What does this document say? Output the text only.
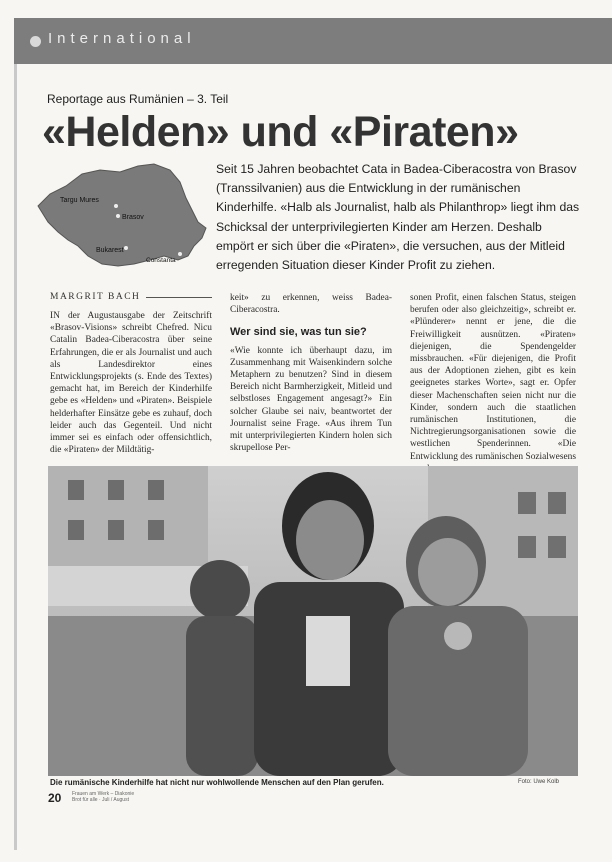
International
Reportage aus Rumänien – 3. Teil
«Helden» und «Piraten»
Targu Mures
Brasov
Bukarest
Constanta
Seit 15 Jahren beobachtet Cata in Badea-Ciberacostra von Brasov (Transsilvanien) aus die Entwicklung in der rumänischen Kinderhilfe. «Halb als Journalist, halb als Philanthrop» liegt ihm das Schicksal der unterprivilegierten Kinder am Herzen. Deshalb empört er sich über die «Piraten», die versuchen, aus der Mitleid erregenden Situation dieser Kinder Profit zu ziehen.
MARGRIT BACH

IN der Augustausgabe der Zeitschrift «Brasov-Visions» schreibt Chefred. Nicu Catalin Badea-Ciberacostra über seine Erfahrungen, die er als Journalist und auch als Landesdirektor eines Entwicklungsprojekts (s. Ende des Textes) gemacht hat, im Bereich der Kinderhilfe gebe es «Helden» und «Piraten». Beispiele helderhafter Einsätze gebe es zuhauf, doch leider auch das Gegenteil. Und nicht immer sei es einfach oder offensichtlich, die «Piraten» der Mildtätig-

keit» zu erkennen, weiss Badea-Ciberacostra.

Wer sind sie, was tun sie?

«Wie konnte ich überhaupt dazu, im Zusammenhang mit Waisenkindern solche Metaphern zu benutzen? Sind in diesem Bereich nicht Barmherzigkeit, Mitleid und selbstloses Engagement angesagt?» Ein solcher Glaube sei naiv, beantwortet der Journalist seine Frage. «Aus ihrem Tun mit unterprivilegierten Kindern holen sich skrupellose Per-

sonen Profit, einen falschen Status, steigen berufen oder also gleichzeitig», schreibt er. «Plünderer» nennt er jene, die die Freiwilligkeit ausnützen. «Piraten» diejenigen, die Spendengelder missbrauchen. «Für diejenigen, die Profit aus der Adoptionen ziehen, gibt es kein geeignetes starkes Worte», sagt er. Opfer dieser Machenschaften seien nicht nur die Kinder, sondern auch die staatlichen rumänischen Institutionen, die Nichtregierungsorganisationen sowie die westlichen Spenderinnen. «Die Entwicklung des rumänischen Sozialwesens

Die rumänische Kinderhilfe hat nicht nur wohlwollende Menschen auf den Plan gerufen.	Foto: Uwe Kolb
20 Frauen am Werk – Diakonie
Brot für alle · Juli / August
